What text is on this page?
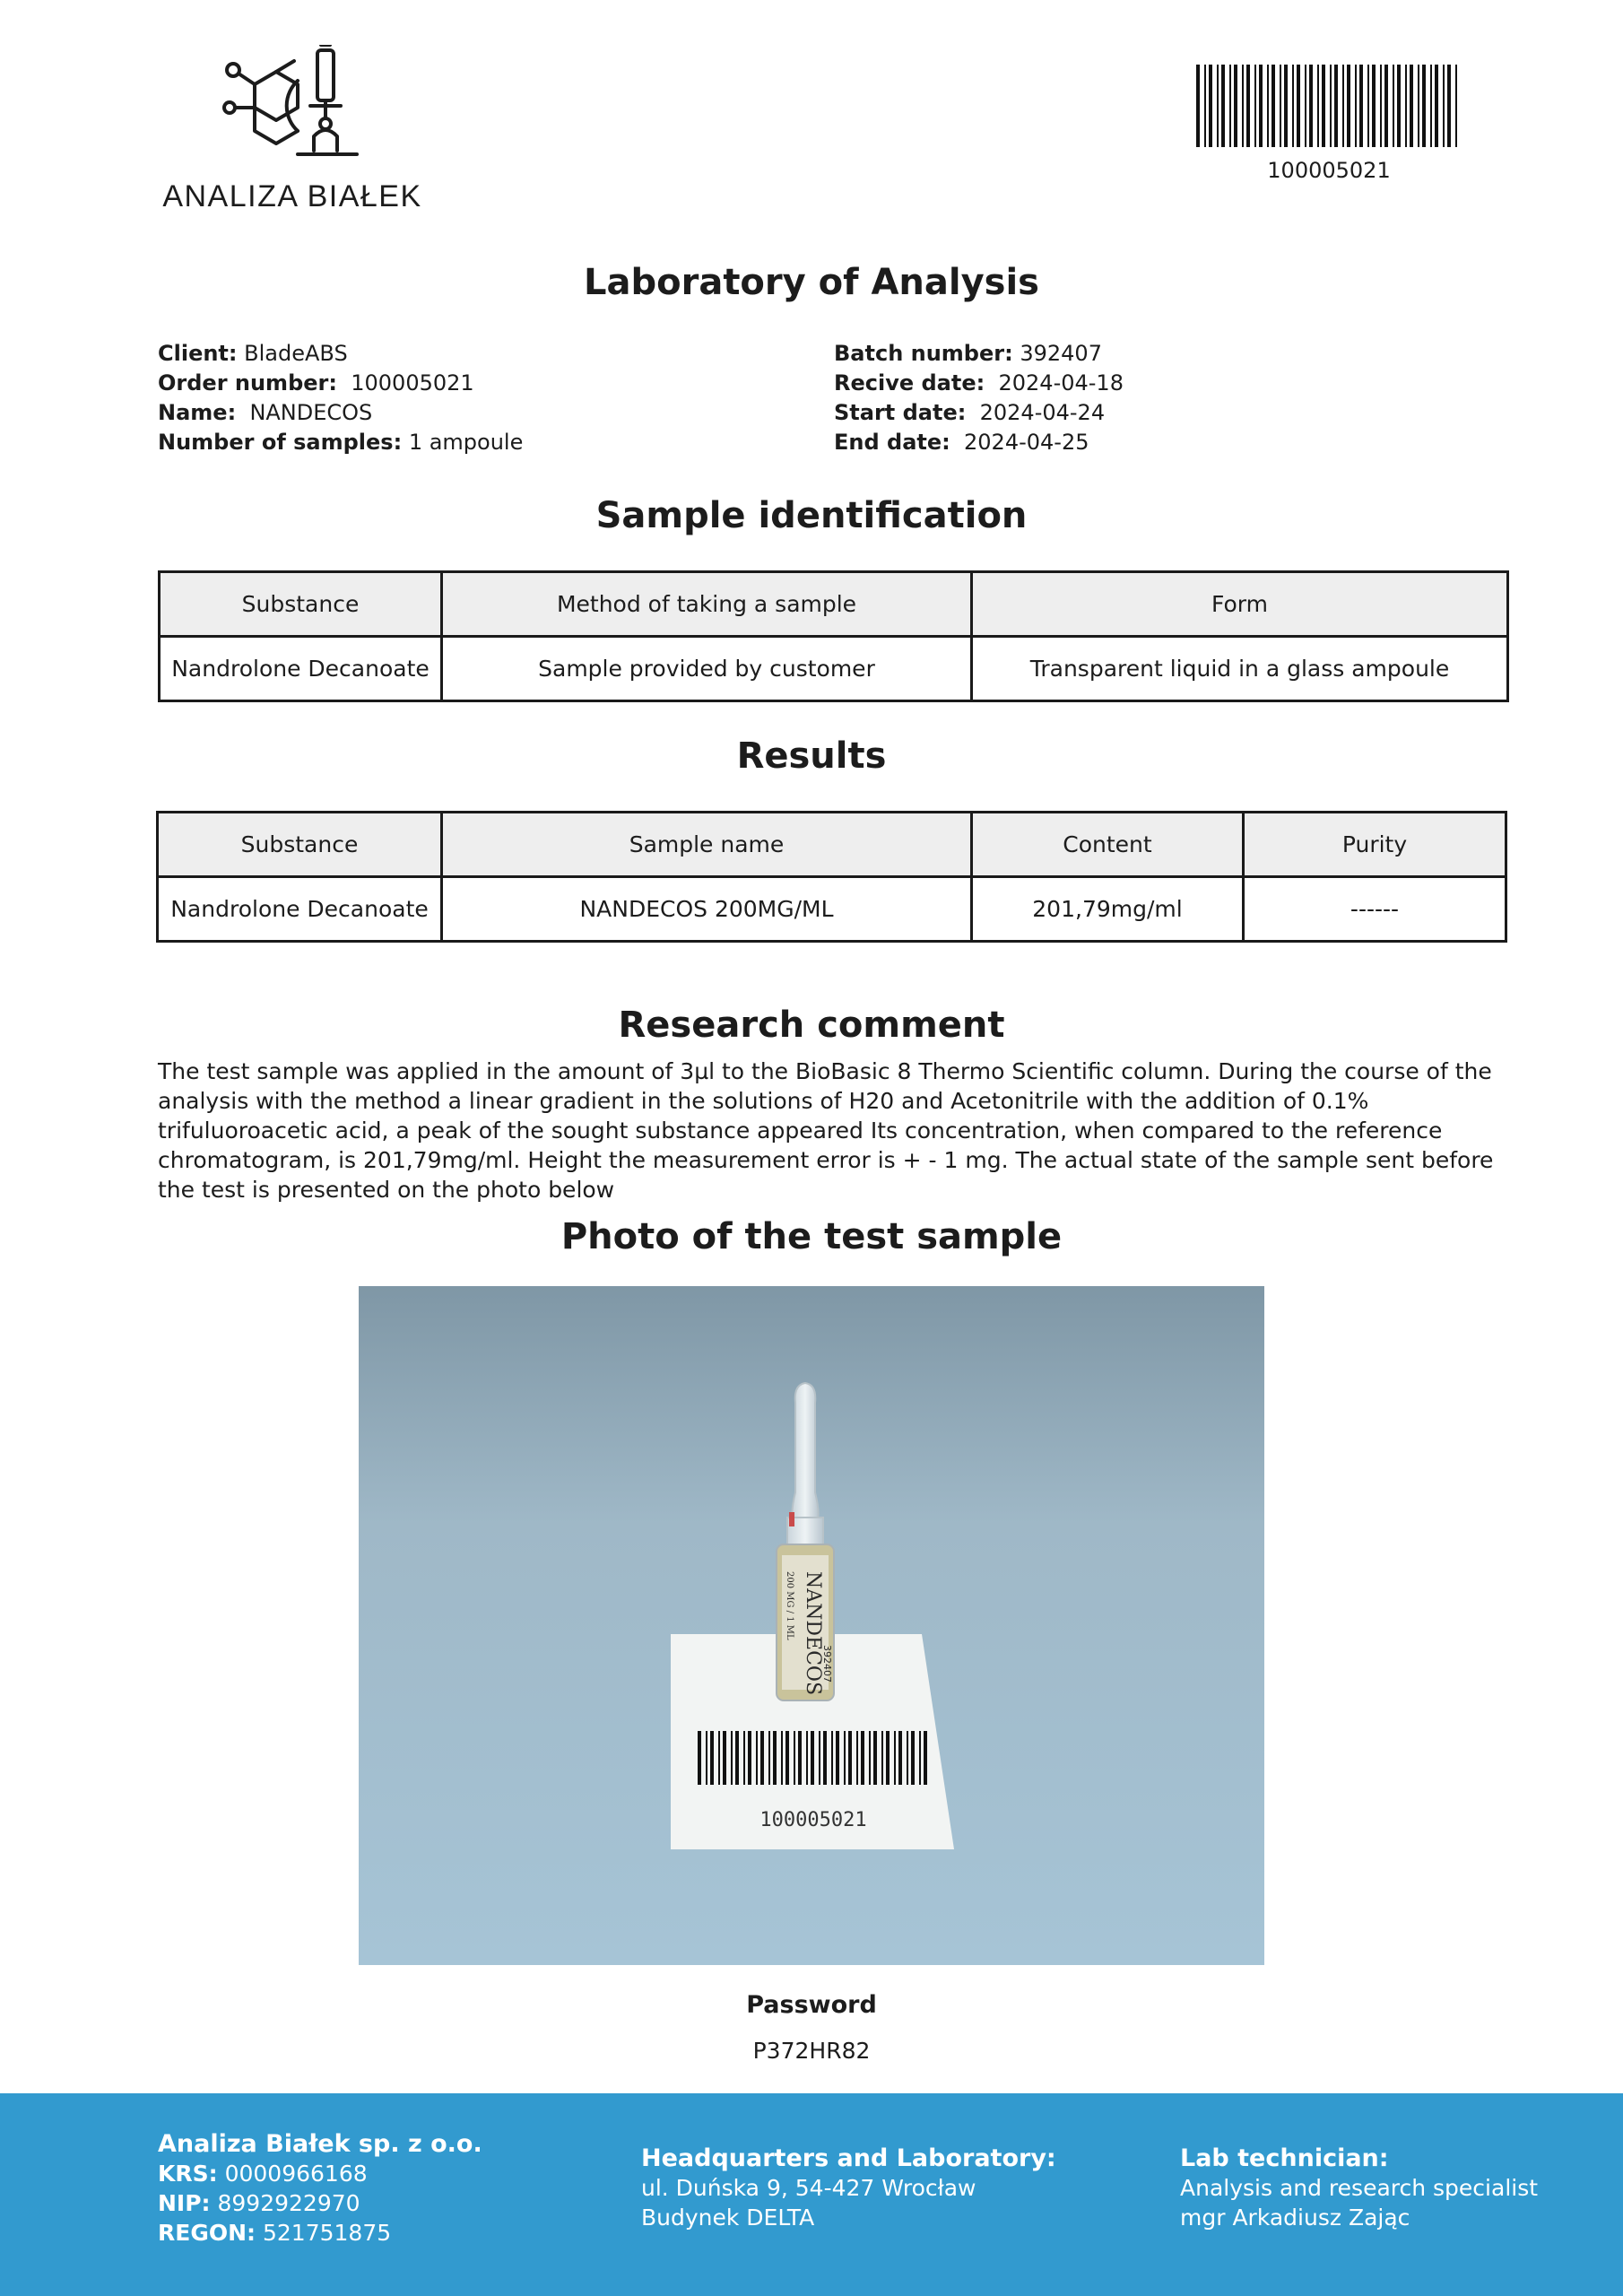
ANALIZA BIAŁEK
100005021
Laboratory of Analysis
Client: BladeABS
Order number: 100005021
Name: NANDECOS
Number of samples: 1 ampoule
Batch number: 392407
Recive date: 2024-04-18
Start date: 2024-04-24
End date: 2024-04-25
Sample identification
Substance	Method of taking a sample	Form
Nandrolone Decanoate	Sample provided by customer	Transparent liquid in a glass ampoule
Results
Substance	Sample name	Content	Purity
Nandrolone Decanoate	NANDECOS 200MG/ML	201,79mg/ml	------
Research comment
The test sample was applied in the amount of 3µl to the BioBasic 8 Thermo Scientific column. During the course of the analysis with the method a linear gradient in the solutions of H20 and Acetonitrile with the addition of 0.1% trifuluoroacetic acid, a peak of the sought substance appeared Its concentration, when compared to the reference chromatogram, is 201,79mg/ml. Height the measurement error is + - 1 mg. The actual state of the sample sent before the test is presented on the photo below
Photo of the test sample
100005021
NANDECOS
200 MG / 1 ML
392407
Password
P372HR82
Analiza Białek sp. z o.o.
KRS: 0000966168
NIP: 8992922970
REGON: 521751875
Headquarters and Laboratory:
ul. Duńska 9, 54-427 Wrocław
Budynek DELTA
Lab technician:
Analysis and research specialist
mgr Arkadiusz Zając
